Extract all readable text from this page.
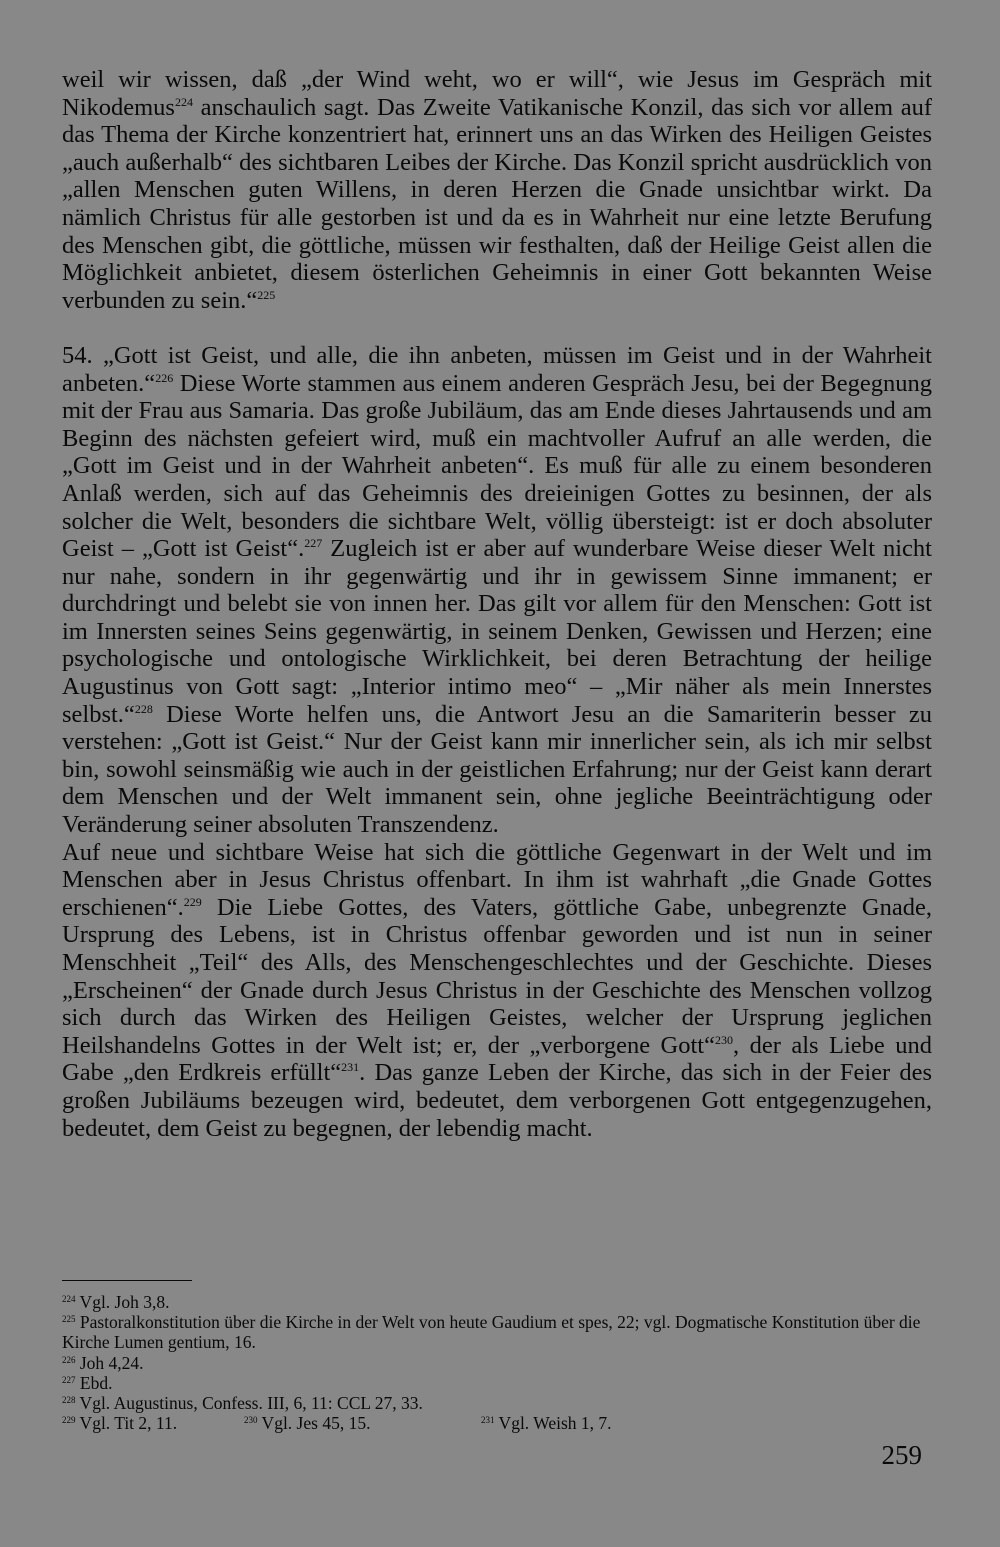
weil wir wissen, daß „der Wind weht, wo er will“, wie Jesus im Gespräch mit Nikodemus$^{224}$ anschaulich sagt. Das Zweite Vatikanische Konzil, das sich vor allem auf das Thema der Kirche konzentriert hat, erinnert uns an das Wirken des Heiligen Geistes „auch außerhalb“ des sichtbaren Leibes der Kirche. Das Konzil spricht ausdrücklich von „allen Menschen guten Willens, in deren Herzen die Gnade unsichtbar wirkt. Da nämlich Christus für alle gestorben ist und da es in Wahrheit nur eine letzte Berufung des Menschen gibt, die göttliche, müssen wir festhalten, daß der Heilige Geist allen die Möglichkeit anbietet, diesem österlichen Geheimnis in einer Gott bekannten Weise verbunden zu sein.“$^{225}$

54. „Gott ist Geist, und alle, die ihn anbeten, müssen im Geist und in der Wahrheit anbeten.“$^{226}$ Diese Worte stammen aus einem anderen Gespräch Jesu, bei der Begegnung mit der Frau aus Samaria. Das große Jubiläum, das am Ende dieses Jahrtausends und am Beginn des nächsten gefeiert wird, muß ein machtvoller Aufruf an alle werden, die „Gott im Geist und in der Wahrheit anbeten“. Es muß für alle zu einem besonderen Anlaß werden, sich auf das Geheimnis des dreieinigen Gottes zu besinnen, der als solcher die Welt, besonders die sichtbare Welt, völlig übersteigt: ist er doch absoluter Geist – „Gott ist Geist“.$^{227}$ Zugleich ist er aber auf wunderbare Weise dieser Welt nicht nur nahe, sondern in ihr gegenwärtig und ihr in gewissem Sinne immanent; er durchdringt und belebt sie von innen her. Das gilt vor allem für den Menschen: Gott ist im Innersten seines Seins gegenwärtig, in seinem Denken, Gewissen und Herzen; eine psychologische und ontologische Wirklichkeit, bei deren Betrachtung der heilige Augustinus von Gott sagt: „Interior intimo meo“ – „Mir näher als mein Innerstes selbst.“$^{228}$ Diese Worte helfen uns, die Antwort Jesu an die Samariterin besser zu verstehen: „Gott ist Geist.“ Nur der Geist kann mir innerlicher sein, als ich mir selbst bin, sowohl seinsmäßig wie auch in der geistlichen Erfahrung; nur der Geist kann derart dem Menschen und der Welt immanent sein, ohne jegliche Beeinträchtigung oder Veränderung seiner absoluten Transzendenz.

Auf neue und sichtbare Weise hat sich die göttliche Gegenwart in der Welt und im Menschen aber in Jesus Christus offenbart. In ihm ist wahrhaft „die Gnade Gottes erschienen“.$^{229}$ Die Liebe Gottes, des Vaters, göttliche Gabe, unbegrenzte Gnade, Ursprung des Lebens, ist in Christus offenbar geworden und ist nun in seiner Menschheit „Teil“ des Alls, des Menschengeschlechtes und der Geschichte. Dieses „Erscheinen“ der Gnade durch Jesus Christus in der Geschichte des Menschen vollzog sich durch das Wirken des Heiligen Geistes, welcher der Ursprung jeglichen Heilshandelns Gottes in der Welt ist; er, der „verborgene Gott“$^{230}$, der als Liebe und Gabe „den Erdkreis erfüllt“$^{231}$. Das ganze Leben der Kirche, das sich in der Feier des großen Jubiläums bezeugen wird, bedeutet, dem verborgenen Gott entgegenzugehen, bedeutet, dem Geist zu begegnen, der lebendig macht.

$^{224}$ Vgl. Joh 3,8.

$^{225}$ Pastoralkonstitution über die Kirche in der Welt von heute Gaudium et spes, 22; vgl. Dogmatische Konstitution über die Kirche Lumen gentium, 16.

$^{226}$ Joh 4,24.

$^{227}$ Ebd.

$^{228}$ Vgl. Augustinus, Confess. III, 6, 11: CCL 27, 33.

$^{229}$ Vgl. Tit 2, 11.	$^{230}$ Vgl. Jes 45, 15.	$^{231}$ Vgl. Weish 1, 7.
259
